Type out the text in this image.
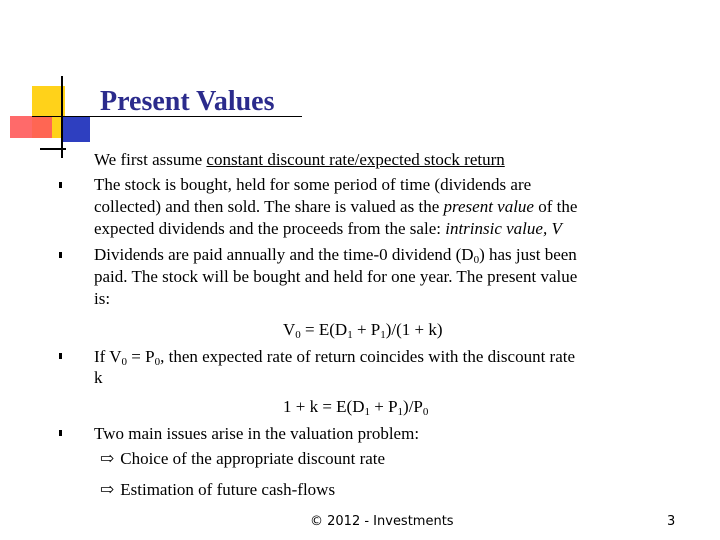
Present Values
We first assume constant discount rate/expected stock return
The stock is bought, held for some period of time (dividends are
collected) and then sold. The share is valued as the present value of the
expected dividends and the proceeds from the sale: intrinsic value, V
Dividends are paid annually and the time-0 dividend $(D_0)$ has just been
paid. The stock will be bought and held for one year. The present value
is:
$V_0 = E(D_1 + P_1)/(1 + k)$
If $V_0 = P_0$, then expected rate of return coincides with the discount rate
k
$1 + k = E(D_1 + P_1)/P_0$
Two main issues arise in the valuation problem:
⇨ Choice of the appropriate discount rate
⇨ Estimation of future cash-flows
© 2012 - Investments	3
